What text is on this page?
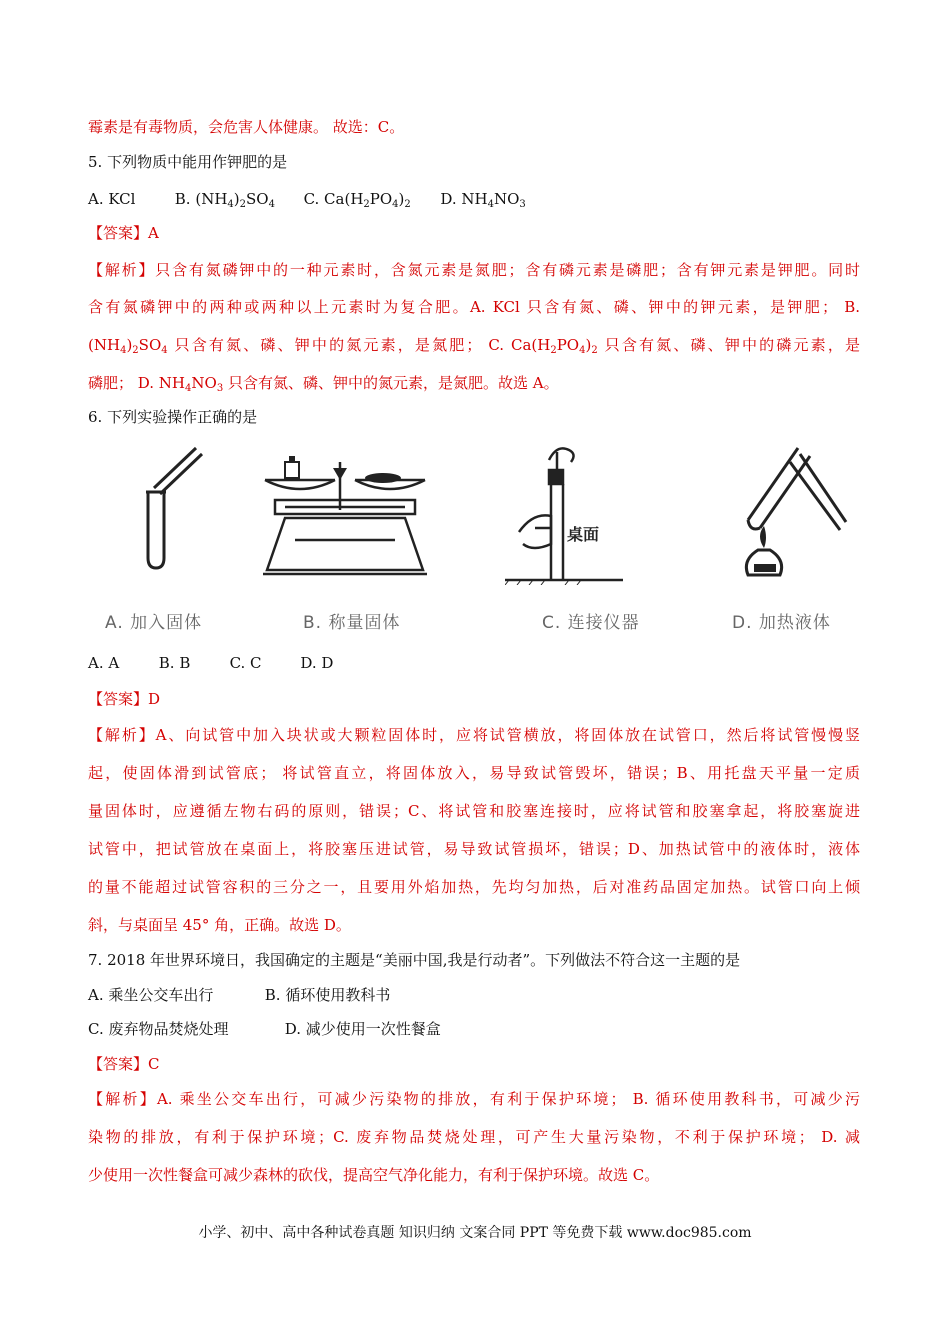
霉素是有毒物质，会危害人体健康。 故选：C。
5. 下列物质中能用作钾肥的是
A. KCl	B. $(NH_4)_2SO_4$ C. $Ca(H_2PO_4)_2$ D. $NH_4NO_3$
【答案】A
【解析】只含有氮磷钾中的一种元素时，含氮元素是氮肥；含有磷元素是磷肥；含有钾元素是钾肥。同时
含有氮磷钾中的两种或两种以上元素时为复合肥。A. KCl 只含有氮、磷、钾中的钾元素，是钾肥； B.
$(NH_4)_2SO_4$ 只含有氮、磷、钾中的氮元素，是氮肥； C. $Ca(H_2PO_4)_2$ 只含有氮、磷、钾中的磷元素，是
磷肥； D. $NH_4NO_3$ 只含有氮、磷、钾中的氮元素，是氮肥。故选 A。
6. 下列实验操作正确的是
桌面
A. 加入固体	B. 称量固体	C. 连接仪器	D. 加热液体
A. A	B. B	C. C	D. D
【答案】D
【解析】A、向试管中加入块状或大颗粒固体时，应将试管横放，将固体放在试管口，然后将试管慢慢竖
起，使固体滑到试管底； 将试管直立，将固体放入，易导致试管毁坏，错误；B、用托盘天平量一定质
量固体时，应遵循左物右码的原则，错误；C、将试管和胶塞连接时，应将试管和胶塞拿起，将胶塞旋进
试管中，把试管放在桌面上，将胶塞压进试管，易导致试管损坏，错误；D、加热试管中的液体时，液体
的量不能超过试管容积的三分之一，且要用外焰加热，先均匀加热，后对准药品固定加热。试管口向上倾
斜，与桌面呈 45° 角，正确。故选 D。
7. 2018 年世界环境日，我国确定的主题是“美丽中国,我是行动者”。下列做法不符合这一主题的是
A. 乘坐公交车出行	B. 循环使用教科书
C. 废弃物品焚烧处理	D. 减少使用一次性餐盒
【答案】C
【解析】A. 乘坐公交车出行，可减少污染物的排放，有利于保护环境； B. 循环使用教科书，可减少污
染物的排放，有利于保护环境；C. 废弃物品焚烧处理，可产生大量污染物，不利于保护环境； D. 减
少使用一次性餐盒可减少森林的砍伐，提高空气净化能力，有利于保护环境。故选 C。
小学、初中、高中各种试卷真题 知识归纳 文案合同 PPT 等免费下载 www.doc985.com
